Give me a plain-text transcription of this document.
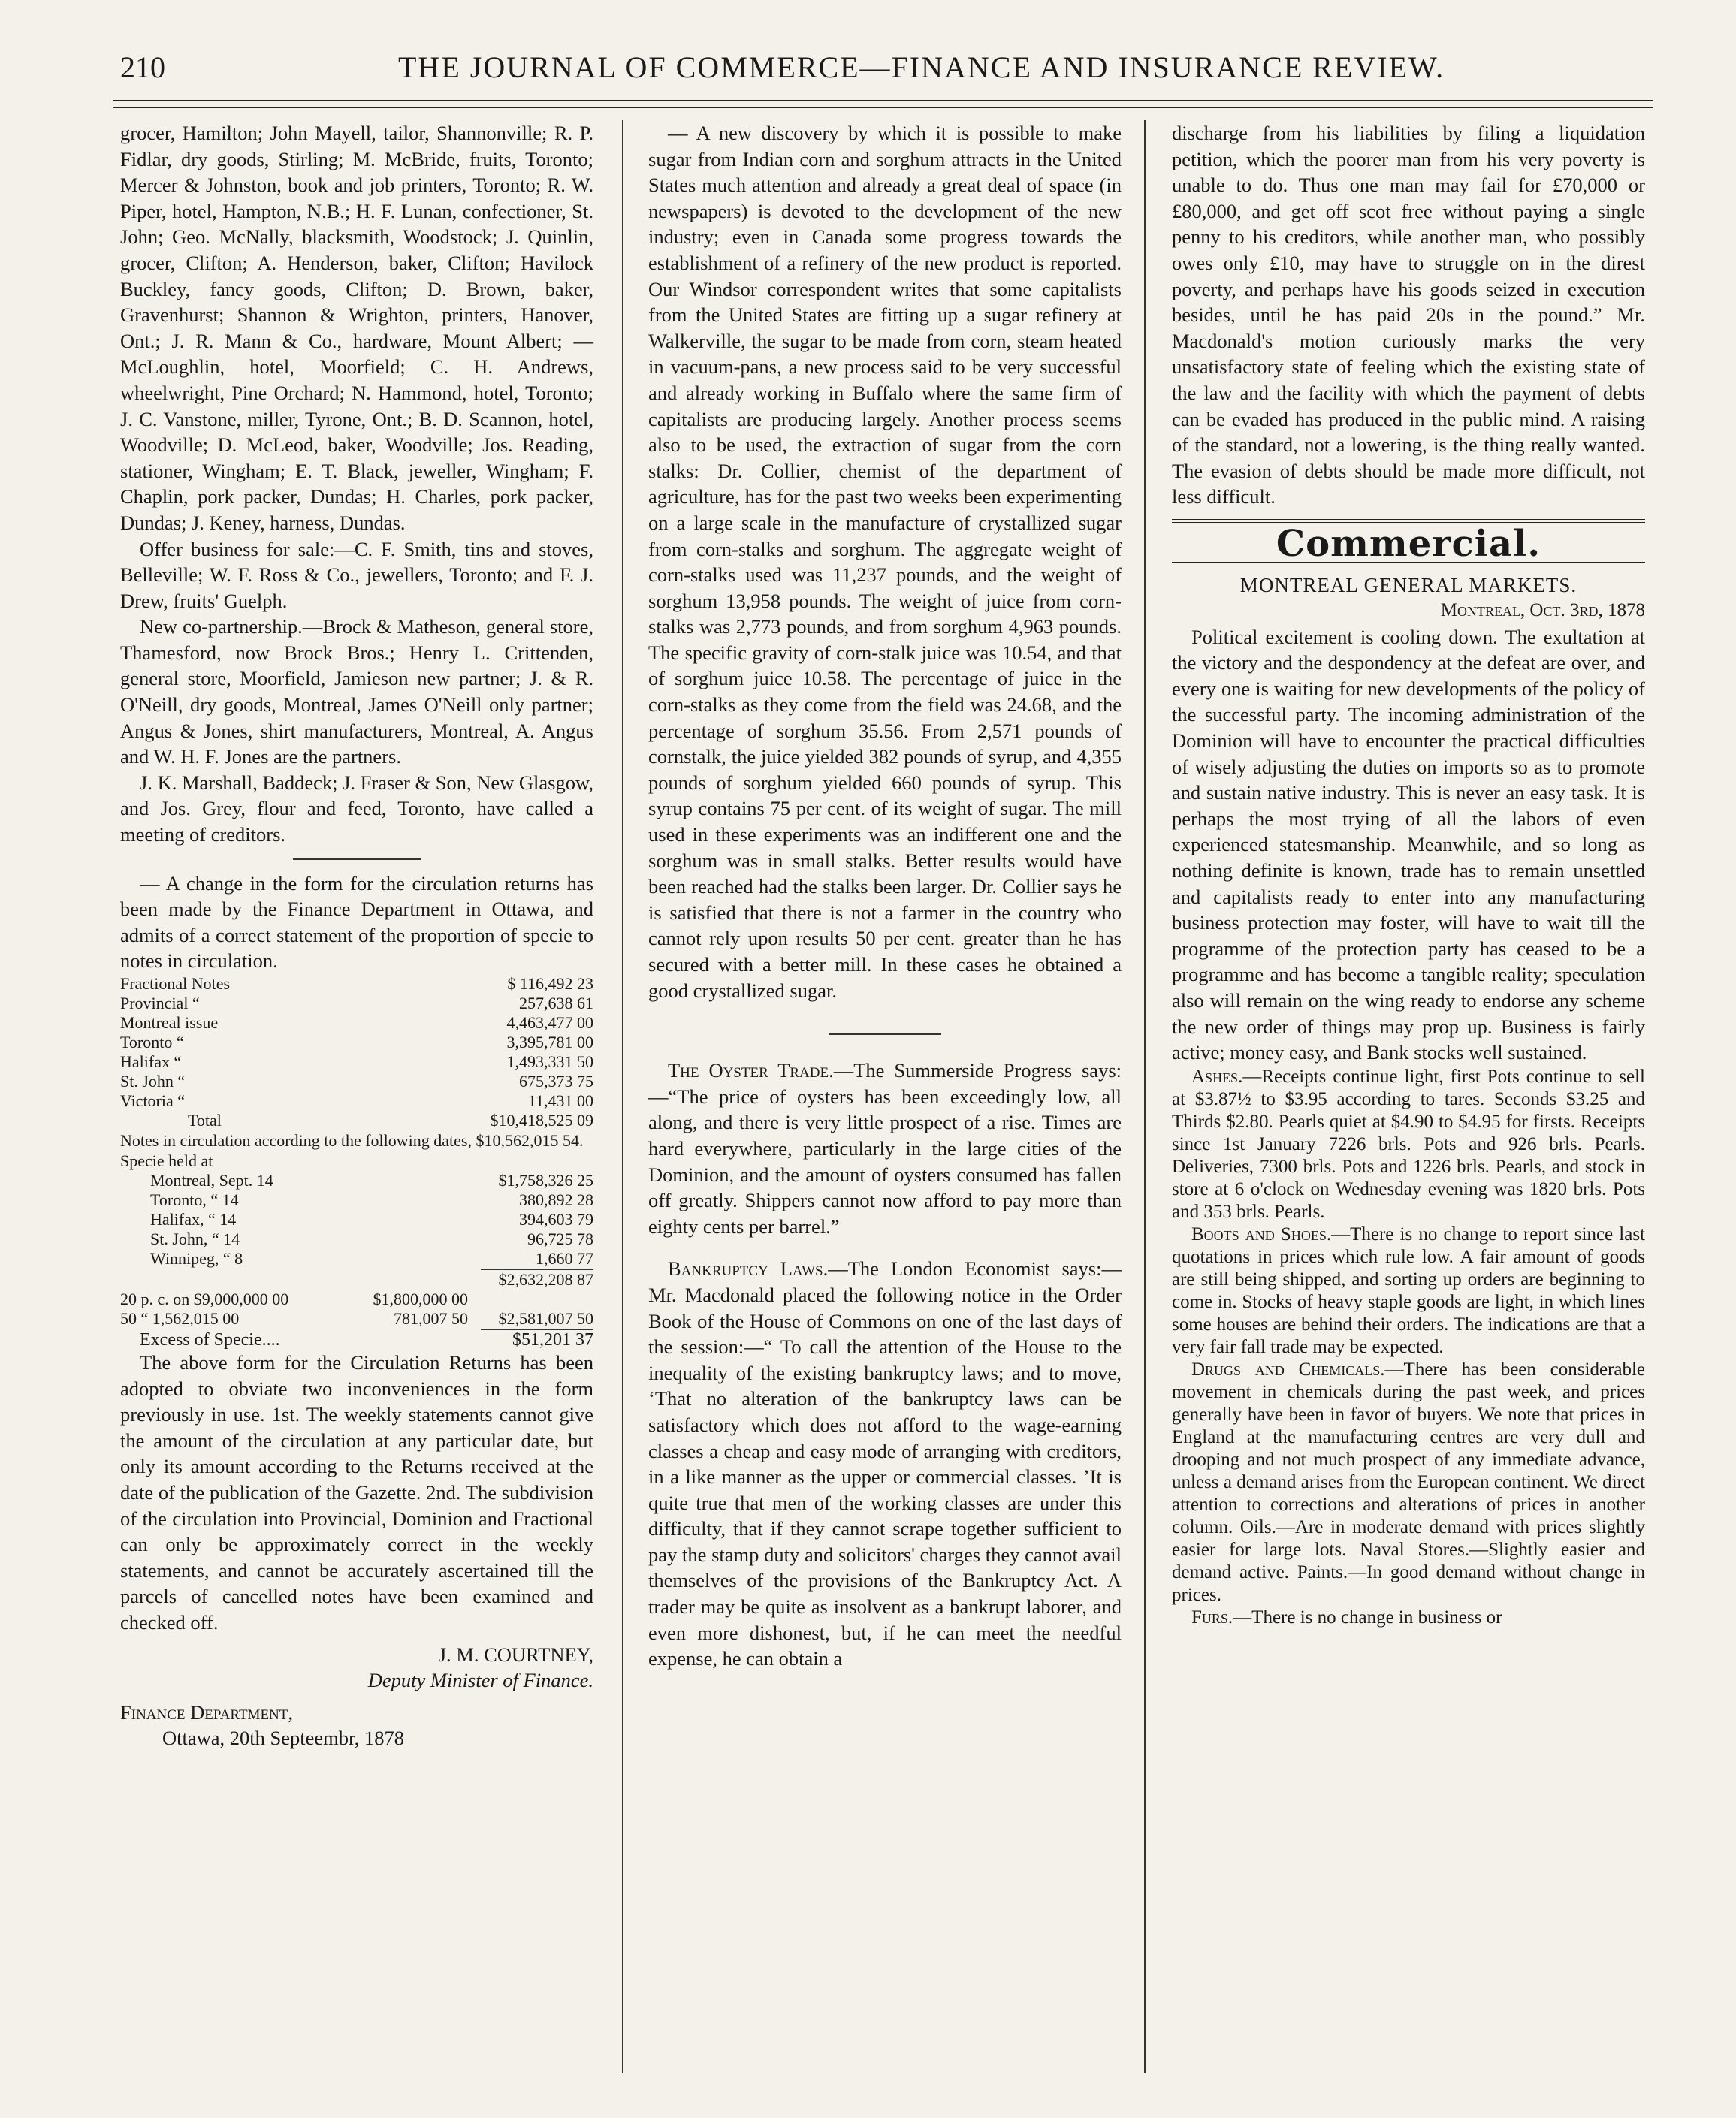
210	THE JOURNAL OF COMMERCE—FINANCE AND INSURANCE REVIEW.

grocer, Hamilton; John Mayell, tailor, Shannonville; R. P. Fidlar, dry goods, Stirling; M. McBride, fruits, Toronto; Mercer & Johnston, book and job printers, Toronto; R. W. Piper, hotel, Hampton, N.B.; H. F. Lunan, confectioner, St. John; Geo. McNally, blacksmith, Woodstock; J. Quinlin, grocer, Clifton; A. Henderson, baker, Clifton; Havilock Buckley, fancy goods, Clifton; D. Brown, baker, Gravenhurst; Shannon & Wrighton, printers, Hanover, Ont.; J. R. Mann & Co., hardware, Mount Albert; — McLoughlin, hotel, Moorfield; C. H. Andrews, wheelwright, Pine Orchard; N. Hammond, hotel, Toronto; J. C. Vanstone, miller, Tyrone, Ont.; B. D. Scannon, hotel, Woodville; D. McLeod, baker, Woodville; Jos. Reading, stationer, Wingham; E. T. Black, jeweller, Wingham; F. Chaplin, pork packer, Dundas; H. Charles, pork packer, Dundas; J. Keney, harness, Dundas.

Offer business for sale:—C. F. Smith, tins and stoves, Belleville; W. F. Ross & Co., jewellers, Toronto; and F. J. Drew, fruits' Guelph.

New co-partnership.—Brock & Matheson, general store, Thamesford, now Brock Bros.; Henry L. Crittenden, general store, Moorfield, Jamieson new partner; J. & R. O'Neill, dry goods, Montreal, James O'Neill only partner; Angus & Jones, shirt manufacturers, Montreal, A. Angus and W. H. F. Jones are the partners.

J. K. Marshall, Baddeck; J. Fraser & Son, New Glasgow, and Jos. Grey, flour and feed, Toronto, have called a meeting of creditors.

— A change in the form for the circulation returns has been made by the Finance Department in Ottawa, and admits of a correct statement of the proportion of specie to notes in circulation.

Fractional Notes	$ 116,492 23
Provincial “	257,638 61
Montreal issue	4,463,477 00
Toronto “	3,395,781 00
Halifax “	1,493,331 50
St. John “	675,373 75
Victoria “	11,431 00
Total	$10,418,525 09
Notes in circulation according to the following dates, $10,562,015 54.
Specie held at
Montreal, Sept. 14	$1,758,326 25
Toronto, “ 14	380,892 28
Halifax, “ 14	394,603 79
St. John, “ 14	96,725 78
Winnipeg, “ 8	1,660 77
$2,632,208 87
20 p. c. on $9,000,000 00	$1,800,000 00	
50 “ 1,562,015 00	781,007 50	$2,581,007 50
Excess of Specie....	$51,201 37

The above form for the Circulation Returns has been adopted to obviate two inconveniences in the form previously in use. 1st. The weekly statements cannot give the amount of the circulation at any particular date, but only its amount according to the Returns received at the date of the publication of the Gazette. 2nd. The subdivision of the circulation into Provincial, Dominion and Fractional can only be approximately correct in the weekly statements, and cannot be accurately ascertained till the parcels of cancelled notes have been examined and checked off.

J. M. COURTNEY,
Deputy Minister of Finance.
Finance Department,
Ottawa, 20th Septeembr, 1878

— A new discovery by which it is possible to make sugar from Indian corn and sorghum attracts in the United States much attention and already a great deal of space (in newspapers) is devoted to the development of the new industry; even in Canada some progress towards the establishment of a refinery of the new product is reported. Our Windsor correspondent writes that some capitalists from the United States are fitting up a sugar refinery at Walkerville, the sugar to be made from corn, steam heated in vacuum-pans, a new process said to be very successful and already working in Buffalo where the same firm of capitalists are producing largely. Another process seems also to be used, the extraction of sugar from the corn stalks: Dr. Collier, chemist of the department of agriculture, has for the past two weeks been experimenting on a large scale in the manufacture of crystallized sugar from corn-stalks and sorghum. The aggregate weight of corn-stalks used was 11,237 pounds, and the weight of sorghum 13,958 pounds. The weight of juice from corn-stalks was 2,773 pounds, and from sorghum 4,963 pounds. The specific gravity of corn-stalk juice was 10.54, and that of sorghum juice 10.58. The percentage of juice in the corn-stalks as they come from the field was 24.68, and the percentage of sorghum 35.56. From 2,571 pounds of cornstalk, the juice yielded 382 pounds of syrup, and 4,355 pounds of sorghum yielded 660 pounds of syrup. This syrup contains 75 per cent. of its weight of sugar. The mill used in these experiments was an indifferent one and the sorghum was in small stalks. Better results would have been reached had the stalks been larger. Dr. Collier says he is satisfied that there is not a farmer in the country who cannot rely upon results 50 per cent. greater than he has secured with a better mill. In these cases he obtained a good crystallized sugar.

The Oyster Trade.—The Summerside Progress says:—“The price of oysters has been exceedingly low, all along, and there is very little prospect of a rise. Times are hard everywhere, particularly in the large cities of the Dominion, and the amount of oysters consumed has fallen off greatly. Shippers cannot now afford to pay more than eighty cents per barrel.”

Bankruptcy Laws.—The London Economist says:—Mr. Macdonald placed the following notice in the Order Book of the House of Commons on one of the last days of the session:—“ To call the attention of the House to the inequality of the existing bankruptcy laws; and to move, ‘That no alteration of the bankruptcy laws can be satisfactory which does not afford to the wage-earning classes a cheap and easy mode of arranging with creditors, in a like manner as the upper or commercial classes. ’It is quite true that men of the working classes are under this difficulty, that if they cannot scrape together sufficient to pay the stamp duty and solicitors' charges they cannot avail themselves of the provisions of the Bankruptcy Act. A trader may be quite as insolvent as a bankrupt laborer, and even more dishonest, but, if he can meet the needful expense, he can obtain a

discharge from his liabilities by filing a liquidation petition, which the poorer man from his very poverty is unable to do. Thus one man may fail for £70,000 or £80,000, and get off scot free without paying a single penny to his creditors, while another man, who possibly owes only £10, may have to struggle on in the direst poverty, and perhaps have his goods seized in execution besides, until he has paid 20s in the pound.” Mr. Macdonald's motion curiously marks the very unsatisfactory state of feeling which the existing state of the law and the facility with which the payment of debts can be evaded has produced in the public mind. A raising of the standard, not a lowering, is the thing really wanted. The evasion of debts should be made more difficult, not less difficult.

Commercial.
MONTREAL GENERAL MARKETS.
Montreal, Oct. 3rd, 1878

Political excitement is cooling down. The exultation at the victory and the despondency at the defeat are over, and every one is waiting for new developments of the policy of the successful party. The incoming administration of the Dominion will have to encounter the practical difficulties of wisely adjusting the duties on imports so as to promote and sustain native industry. This is never an easy task. It is perhaps the most trying of all the labors of even experienced statesmanship. Meanwhile, and so long as nothing definite is known, trade has to remain unsettled and capitalists ready to enter into any manufacturing business protection may foster, will have to wait till the programme of the protection party has ceased to be a programme and has become a tangible reality; speculation also will remain on the wing ready to endorse any scheme the new order of things may prop up. Business is fairly active; money easy, and Bank stocks well sustained.

Ashes.—Receipts continue light, first Pots continue to sell at $3.87½ to $3.95 according to tares. Seconds $3.25 and Thirds $2.80. Pearls quiet at $4.90 to $4.95 for firsts. Receipts since 1st January 7226 brls. Pots and 926 brls. Pearls. Deliveries, 7300 brls. Pots and 1226 brls. Pearls, and stock in store at 6 o'clock on Wednesday evening was 1820 brls. Pots and 353 brls. Pearls.

Boots and Shoes.—There is no change to report since last quotations in prices which rule low. A fair amount of goods are still being shipped, and sorting up orders are beginning to come in. Stocks of heavy staple goods are light, in which lines some houses are behind their orders. The indications are that a very fair fall trade may be expected.

Drugs and Chemicals.—There has been considerable movement in chemicals during the past week, and prices generally have been in favor of buyers. We note that prices in England at the manufacturing centres are very dull and drooping and not much prospect of any immediate advance, unless a demand arises from the European continent. We direct attention to corrections and alterations of prices in another column. Oils.—Are in moderate demand with prices slightly easier for large lots. Naval Stores.—Slightly easier and demand active. Paints.—In good demand without change in prices.

Furs.—There is no change in business or
